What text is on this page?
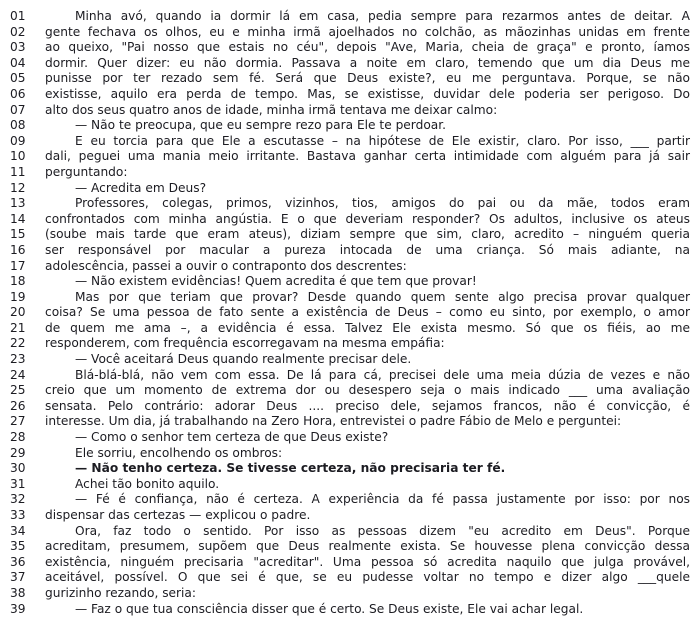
01	Minha avó, quando ia dormir lá em casa, pedia sempre para rezarmos antes de deitar. A
02	gente fechava os olhos, eu e minha irmã ajoelhados no colchão, as mãozinhas unidas em frente
03	ao queixo, "Pai nosso que estais no céu", depois "Ave, Maria, cheia de graça" e pronto, íamos
04	dormir. Quer dizer: eu não dormia. Passava a noite em claro, temendo que um dia Deus me
05	punisse por ter rezado sem fé. Será que Deus existe?, eu me perguntava. Porque, se não
06	existisse, aquilo era perda de tempo. Mas, se existisse, duvidar dele poderia ser perigoso. Do
07	alto dos seus quatro anos de idade, minha irmã tentava me deixar calmo:
08	— Não te preocupa, que eu sempre rezo para Ele te perdoar.
09	E eu torcia para que Ele a escutasse – na hipótese de Ele existir, claro. Por isso, ___ partir
10	dali, peguei uma mania meio irritante. Bastava ganhar certa intimidade com alguém para já sair
11	perguntando:
12	— Acredita em Deus?
13	Professores, colegas, primos, vizinhos, tios, amigos do pai ou da mãe, todos eram
14	confrontados com minha angústia. E o que deveriam responder? Os adultos, inclusive os ateus
15	(soube mais tarde que eram ateus), diziam sempre que sim, claro, acredito – ninguém queria
16	ser responsável por macular a pureza intocada de uma criança. Só mais adiante, na
17	adolescência, passei a ouvir o contraponto dos descrentes:
18	— Não existem evidências! Quem acredita é que tem que provar!
19	Mas por que teriam que provar? Desde quando quem sente algo precisa provar qualquer
20	coisa? Se uma pessoa de fato sente a existência de Deus – como eu sinto, por exemplo, o amor
21	de quem me ama –, a evidência é essa. Talvez Ele exista mesmo. Só que os fiéis, ao me
22	responderem, com frequência escorregavam na mesma empáfia:
23	— Você aceitará Deus quando realmente precisar dele.
24	Blá-blá-blá, não vem com essa. De lá para cá, precisei dele uma meia dúzia de vezes e não
25	creio que um momento de extrema dor ou desespero seja o mais indicado ___ uma avaliação
26	sensata. Pelo contrário: adorar Deus .... preciso dele, sejamos francos, não é convicção, é
27	interesse. Um dia, já trabalhando na Zero Hora, entrevistei o padre Fábio de Melo e perguntei:
28	— Como o senhor tem certeza de que Deus existe?
29	Ele sorriu, encolhendo os ombros:
30	— Não tenho certeza. Se tivesse certeza, não precisaria ter fé.
31	Achei tão bonito aquilo.
32	— Fé é confiança, não é certeza. A experiência da fé passa justamente por isso: por nos
33	dispensar das certezas — explicou o padre.
34	Ora, faz todo o sentido. Por isso as pessoas dizem "eu acredito em Deus". Porque
35	acreditam, presumem, supõem que Deus realmente exista. Se houvesse plena convicção dessa
36	existência, ninguém precisaria "acreditar". Uma pessoa só acredita naquilo que julga provável,
37	aceitável, possível. O que sei é que, se eu pudesse voltar no tempo e dizer algo ___quele
38	gurizinho rezando, seria:
39	— Faz o que tua consciência disser que é certo. Se Deus existe, Ele vai achar legal.
